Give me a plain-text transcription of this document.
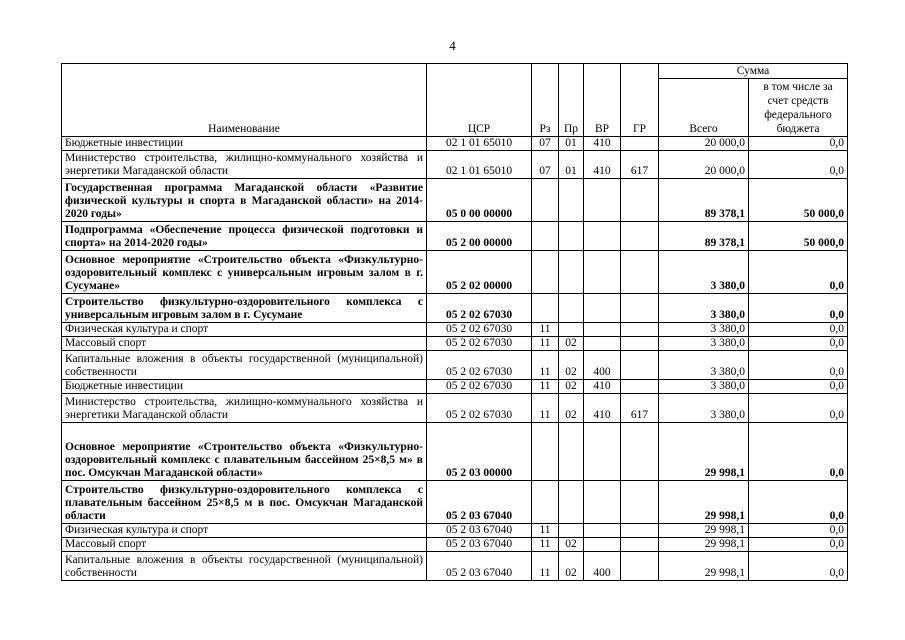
4
Наименование	ЦСР	Рз	Пр	ВР	ГР	Сумма	
						Всего	в том числе за счет средств федерального бюджета
Бюджетные инвестиции	02 1 01 65010	07	01	410		20 000,0	0,0
Министерство строительства, жилищно-коммунального хозяйства и энергетики Магаданской области	02 1 01 65010	07	01	410	617	20 000,0	0,0
Государственная программа Магаданской области «Развитие физической культуры и спорта в Магаданской области» на 2014-2020 годы»	05 0 00 00000					89 378,1	50 000,0
Подпрограмма «Обеспечение процесса физической подготовки и спорта» на 2014-2020 годы»	05 2 00 00000					89 378,1	50 000,0
Основное мероприятие «Строительство объекта «Физкультурно-оздоровительный комплекс с универсальным игровым залом в г. Сусумане»	05 2 02 00000					3 380,0	0,0
Строительство физкультурно-оздоровительного комплекса с универсальным игровым залом в г. Сусумане	05 2 02 67030					3 380,0	0,0
Физическая культура и спорт	05 2 02 67030	11				3 380,0	0,0
Массовый спорт	05 2 02 67030	11	02			3 380,0	0,0
Капитальные вложения в объекты государственной (муниципальной) собственности	05 2 02 67030	11	02	400		3 380,0	0,0
Бюджетные инвестиции	05 2 02 67030	11	02	410		3 380,0	0,0
Министерство строительства, жилищно-коммунального хозяйства и энергетики Магаданской области	05 2 02 67030	11	02	410	617	3 380,0	0,0
Основное мероприятие «Строительство объекта «Физкультурно-оздоровительный комплекс с плавательным бассейном 25×8,5 м» в пос. Омсукчан Магаданской области»	05 2 03 00000					29 998,1	0,0
Строительство физкультурно-оздоровительного комплекса с плавательным бассейном 25×8,5 м в пос. Омсукчан Магаданской области	05 2 03 67040					29 998,1	0,0
Физическая культура и спорт	05 2 03 67040	11				29 998,1	0,0
Массовый спорт	05 2 03 67040	11	02			29 998,1	0,0
Капитальные вложения в объекты государственной (муниципальной) собственности	05 2 03 67040	11	02	400		29 998,1	0,0
